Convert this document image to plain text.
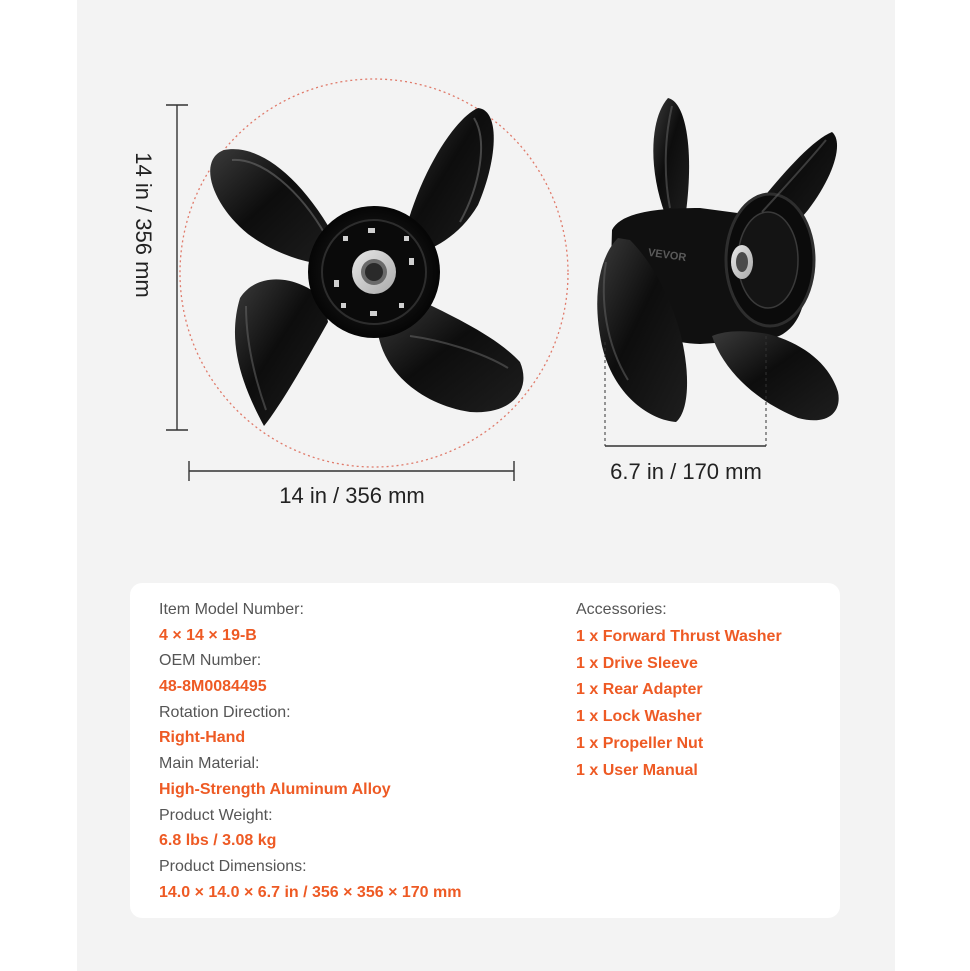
VEVOR
14 in / 356 mm
14 in / 356 mm
6.7 in / 170 mm
Item Model Number:
4 × 14 × 19-B
OEM Number:
48-8M0084495
Rotation Direction:
Right-Hand
Main Material:
High-Strength Aluminum Alloy
Product Weight:
6.8 lbs / 3.08 kg
Product Dimensions:
14.0 × 14.0 × 6.7 in / 356 × 356 × 170 mm
Accessories:
1 x Forward Thrust Washer
1 x Drive Sleeve
1 x Rear Adapter
1 x Lock Washer
1 x Propeller Nut
1 x User Manual
